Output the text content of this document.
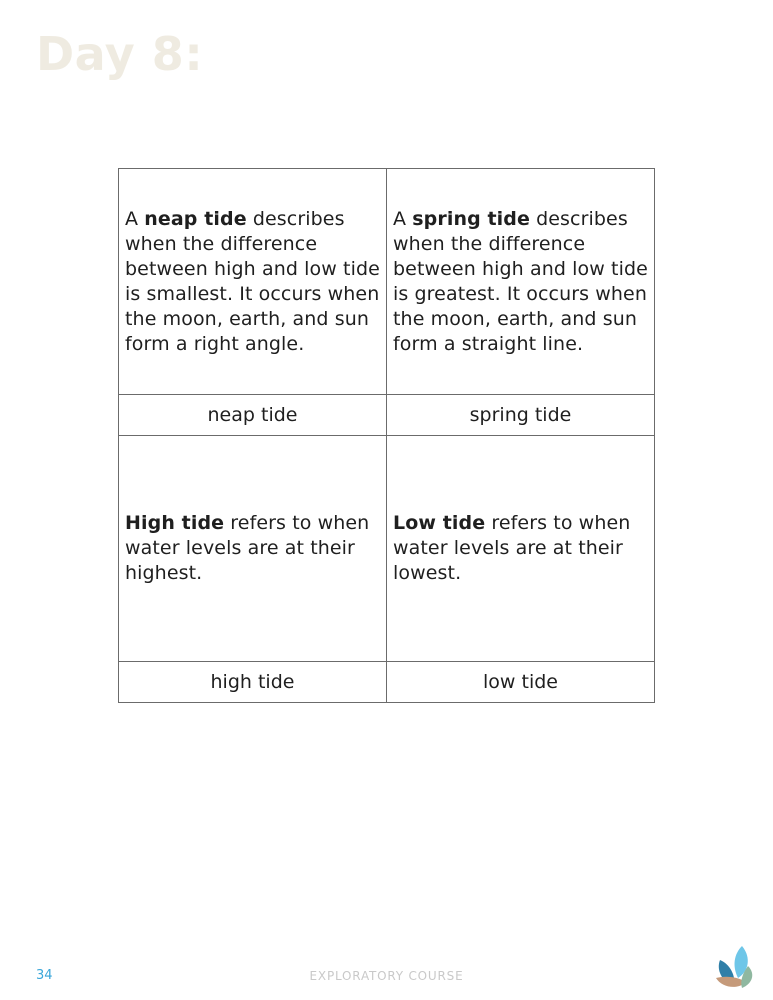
Day 8:
A neap tide describes when the difference between high and low tide is smallest. It occurs when the moon, earth, and sun form a right angle.	A spring tide describes when the difference between high and low tide is greatest. It occurs when the moon, earth, and sun form a straight line.

neap tide	spring tide

High tide refers to when water levels are at their highest.	Low tide refers to when water levels are at their lowest.

high tide	low tide
34	EXPLORATORY COURSE
